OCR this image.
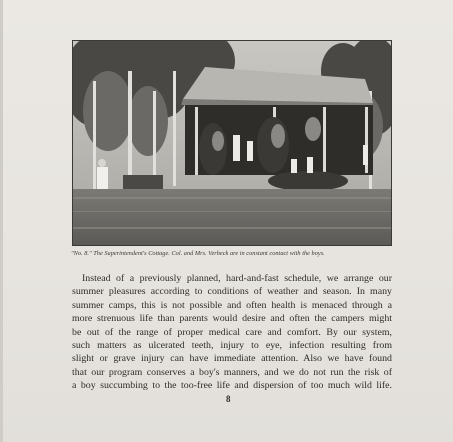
"No. 8." The Superintendent's Cottage. Col. and Mrs. Verbeck are in constant contact with the boys.
Instead of a previously planned, hard-and-fast schedule, we arrange our
summer pleasures according to conditions of weather and season. In many
summer camps, this is not possible and often health is menaced through a
more strenuous life than parents would desire and often the campers might
be out of the range of proper medical care and comfort. By our system,
such matters as ulcerated teeth, injury to eye, infection resulting from
slight or grave injury can have immediate attention. Also we have found
that our program conserves a boy's manners, and we do not run the risk of
a boy succumbing to the too-free life and dispersion of too much wild life.
8
